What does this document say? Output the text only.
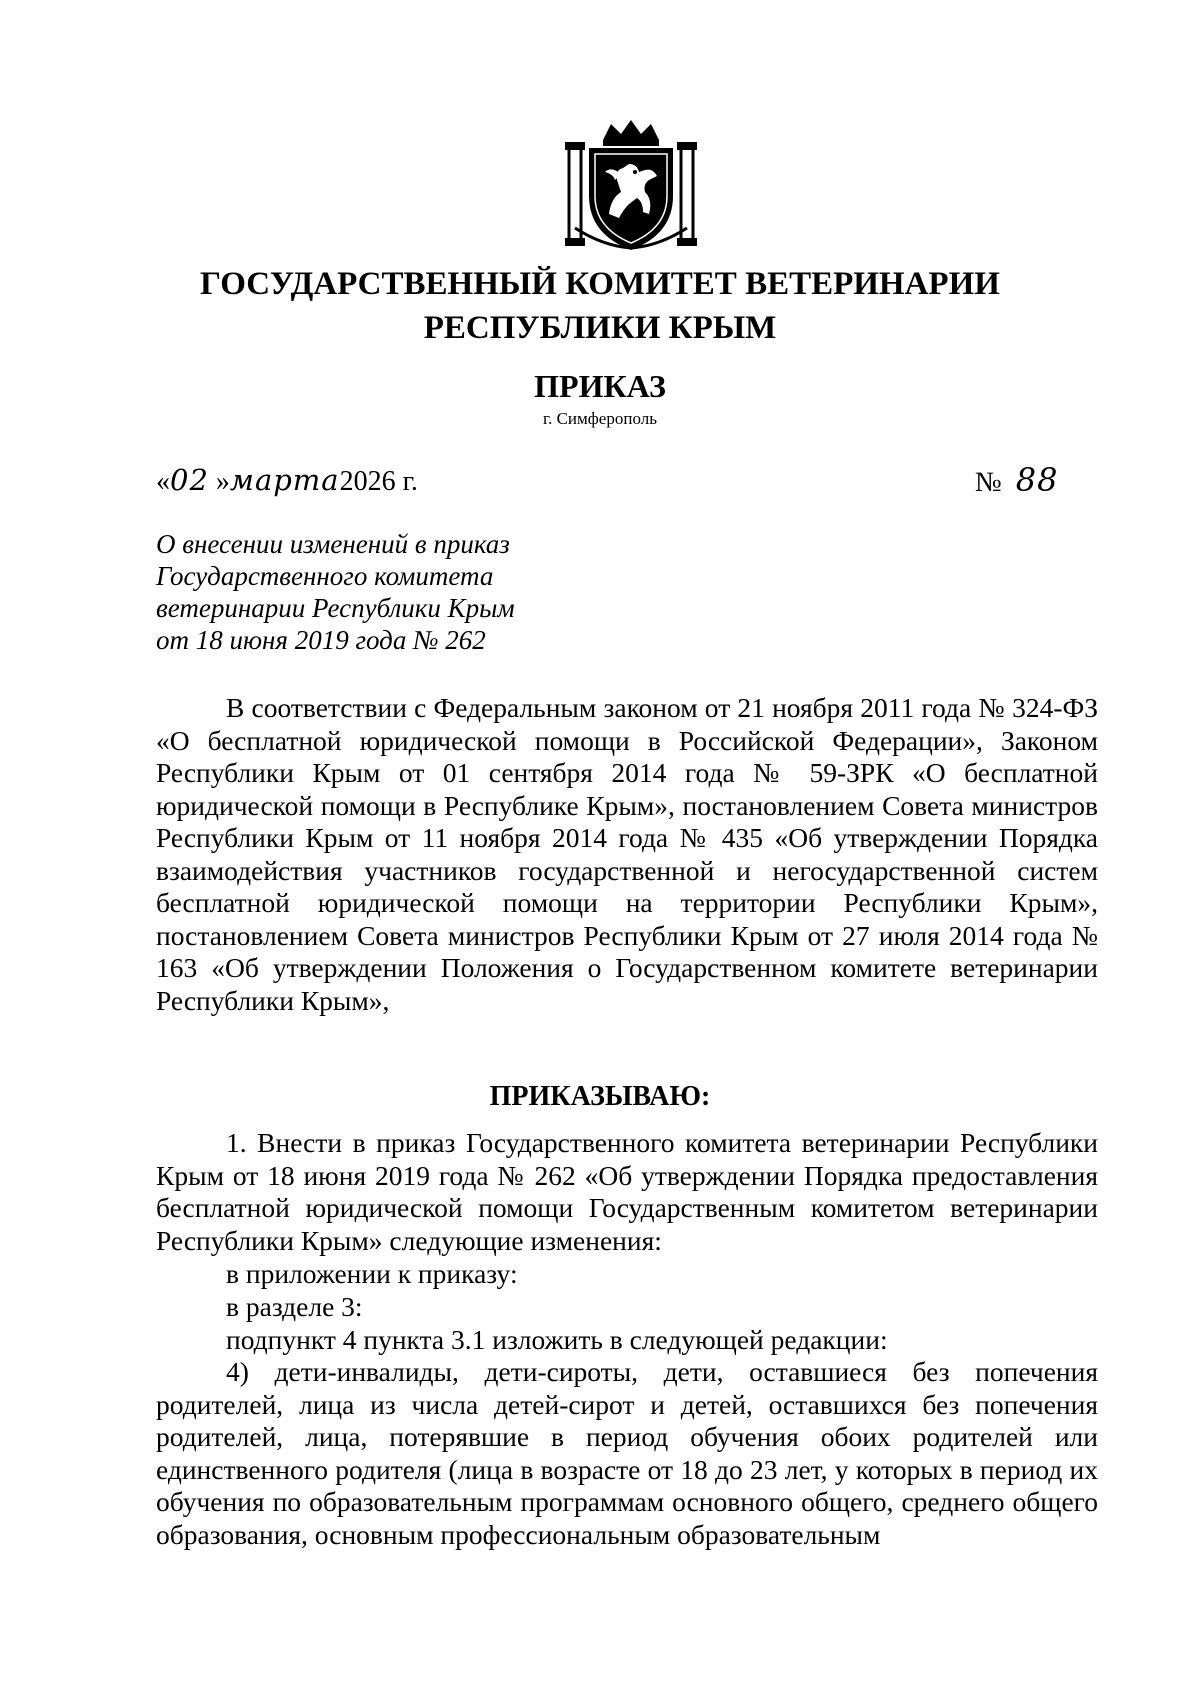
ГОСУДАРСТВЕННЫЙ КОМИТЕТ ВЕТЕРИНАРИИ
РЕСПУБЛИКИ КРЫМ
ПРИКАЗ
г. Симферополь
«02 »марта2026 г.	№ 88
О внесении изменений в приказ
Государственного комитета
ветеринарии Республики Крым
от 18 июня 2019 года № 262

В соответствии с Федеральным законом от 21 ноября 2011 года № 324-ФЗ «О бесплатной юридической помощи в Российской Федерации», Законом Республики Крым от 01 сентября 2014 года № 59-ЗРК «О бесплатной юридической помощи в Республике Крым», постановлением Совета министров Республики Крым от 11 ноября 2014 года № 435 «Об утверждении Порядка взаимодействия участников государственной и негосударственной систем бесплатной юридической помощи на территории Республики Крым», постановлением Совета министров Республики Крым от 27 июля 2014 года № 163 «Об утверждении Положения о Государственном комитете ветеринарии Республики Крым»,

ПРИКАЗЫВАЮ:

1. Внести в приказ Государственного комитета ветеринарии Республики Крым от 18 июня 2019 года № 262 «Об утверждении Порядка предоставления бесплатной юридической помощи Государственным комитетом ветеринарии Республики Крым» следующие изменения:

в приложении к приказу:
в разделе 3:
подпункт 4 пункта 3.1 изложить в следующей редакции:

4) дети-инвалиды, дети-сироты, дети, оставшиеся без попечения родителей, лица из числа детей-сирот и детей, оставшихся без попечения родителей, лица, потерявшие в период обучения обоих родителей или единственного родителя (лица в возрасте от 18 до 23 лет, у которых в период их обучения по образовательным программам основного общего, среднего общего образования, основным профессиональным образовательным
